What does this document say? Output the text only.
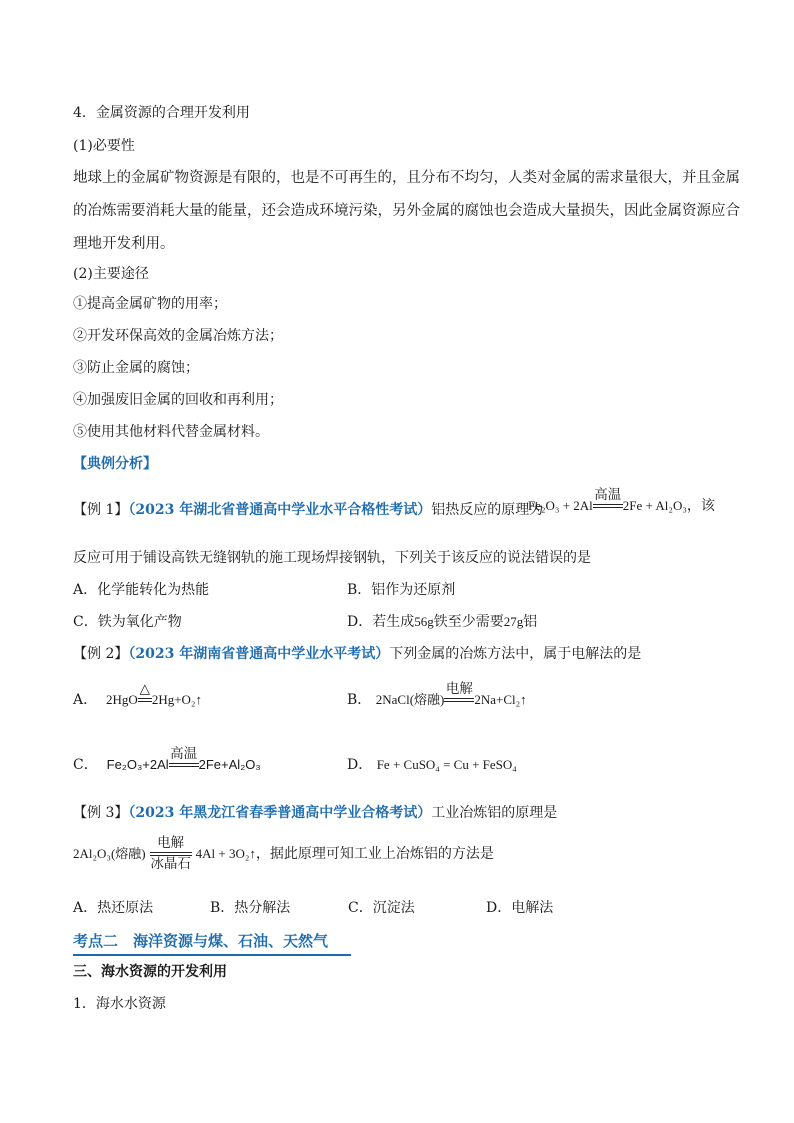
4．金属资源的合理开发利用
(1)必要性
地球上的金属矿物资源是有限的，也是不可再生的，且分布不均匀，人类对金属的需求量很大，并且金属
的冶炼需要消耗大量的能量，还会造成环境污染，另外金属的腐蚀也会造成大量损失，因此金属资源应合
理地开发利用。
(2)主要途径
①提高金属矿物的用率；
②开发环保高效的金属冶炼方法；
③防止金属的腐蚀；
④加强废旧金属的回收和再利用；
⑤使用其他材料代替金属材料。
【典例分析】
【例 1】（2023 年湖北省普通高中学业水平合格性考试）铝热反应的原理为
Fe₂O₃ + 2Al
高温

2Fe + Al₂O₃，该
反应可用于铺设高铁无缝钢轨的施工现场焊接钢轨，下列关于该反应的说法错误的是
A．化学能转化为热能	B．铝作为还原剂
C．铁为氧化产物	D．若生成56g铁至少需要27g铝
【例 2】（2023 年湖南省普通高中学业水平考试）下列金属的冶炼方法中，属于电解法的是
A． 2HgO
△

2Hg+O₂↑	B． 2NaCl(熔融)
电解

2Na+Cl₂↑
C． Fe₂O₃+2Al
高温

2Fe+Al₂O₃	D． Fe + CuSO₄ = Cu + FeSO₄
【例 3】（2023 年黑龙江省春季普通高中学业合格考试）工业冶炼铝的原理是
2Al₂O₃(熔融) $\frac{\text{电解}}{\text{冰晶石}} 4Al$ + 3O₂↑，据此原理可知工业上冶炼铝的方法是
A．热还原法	B．热分解法	C．沉淀法	D．电解法
考点二　海洋资源与煤、石油、天然气
三、海水资源的开发利用
1．海水水资源
